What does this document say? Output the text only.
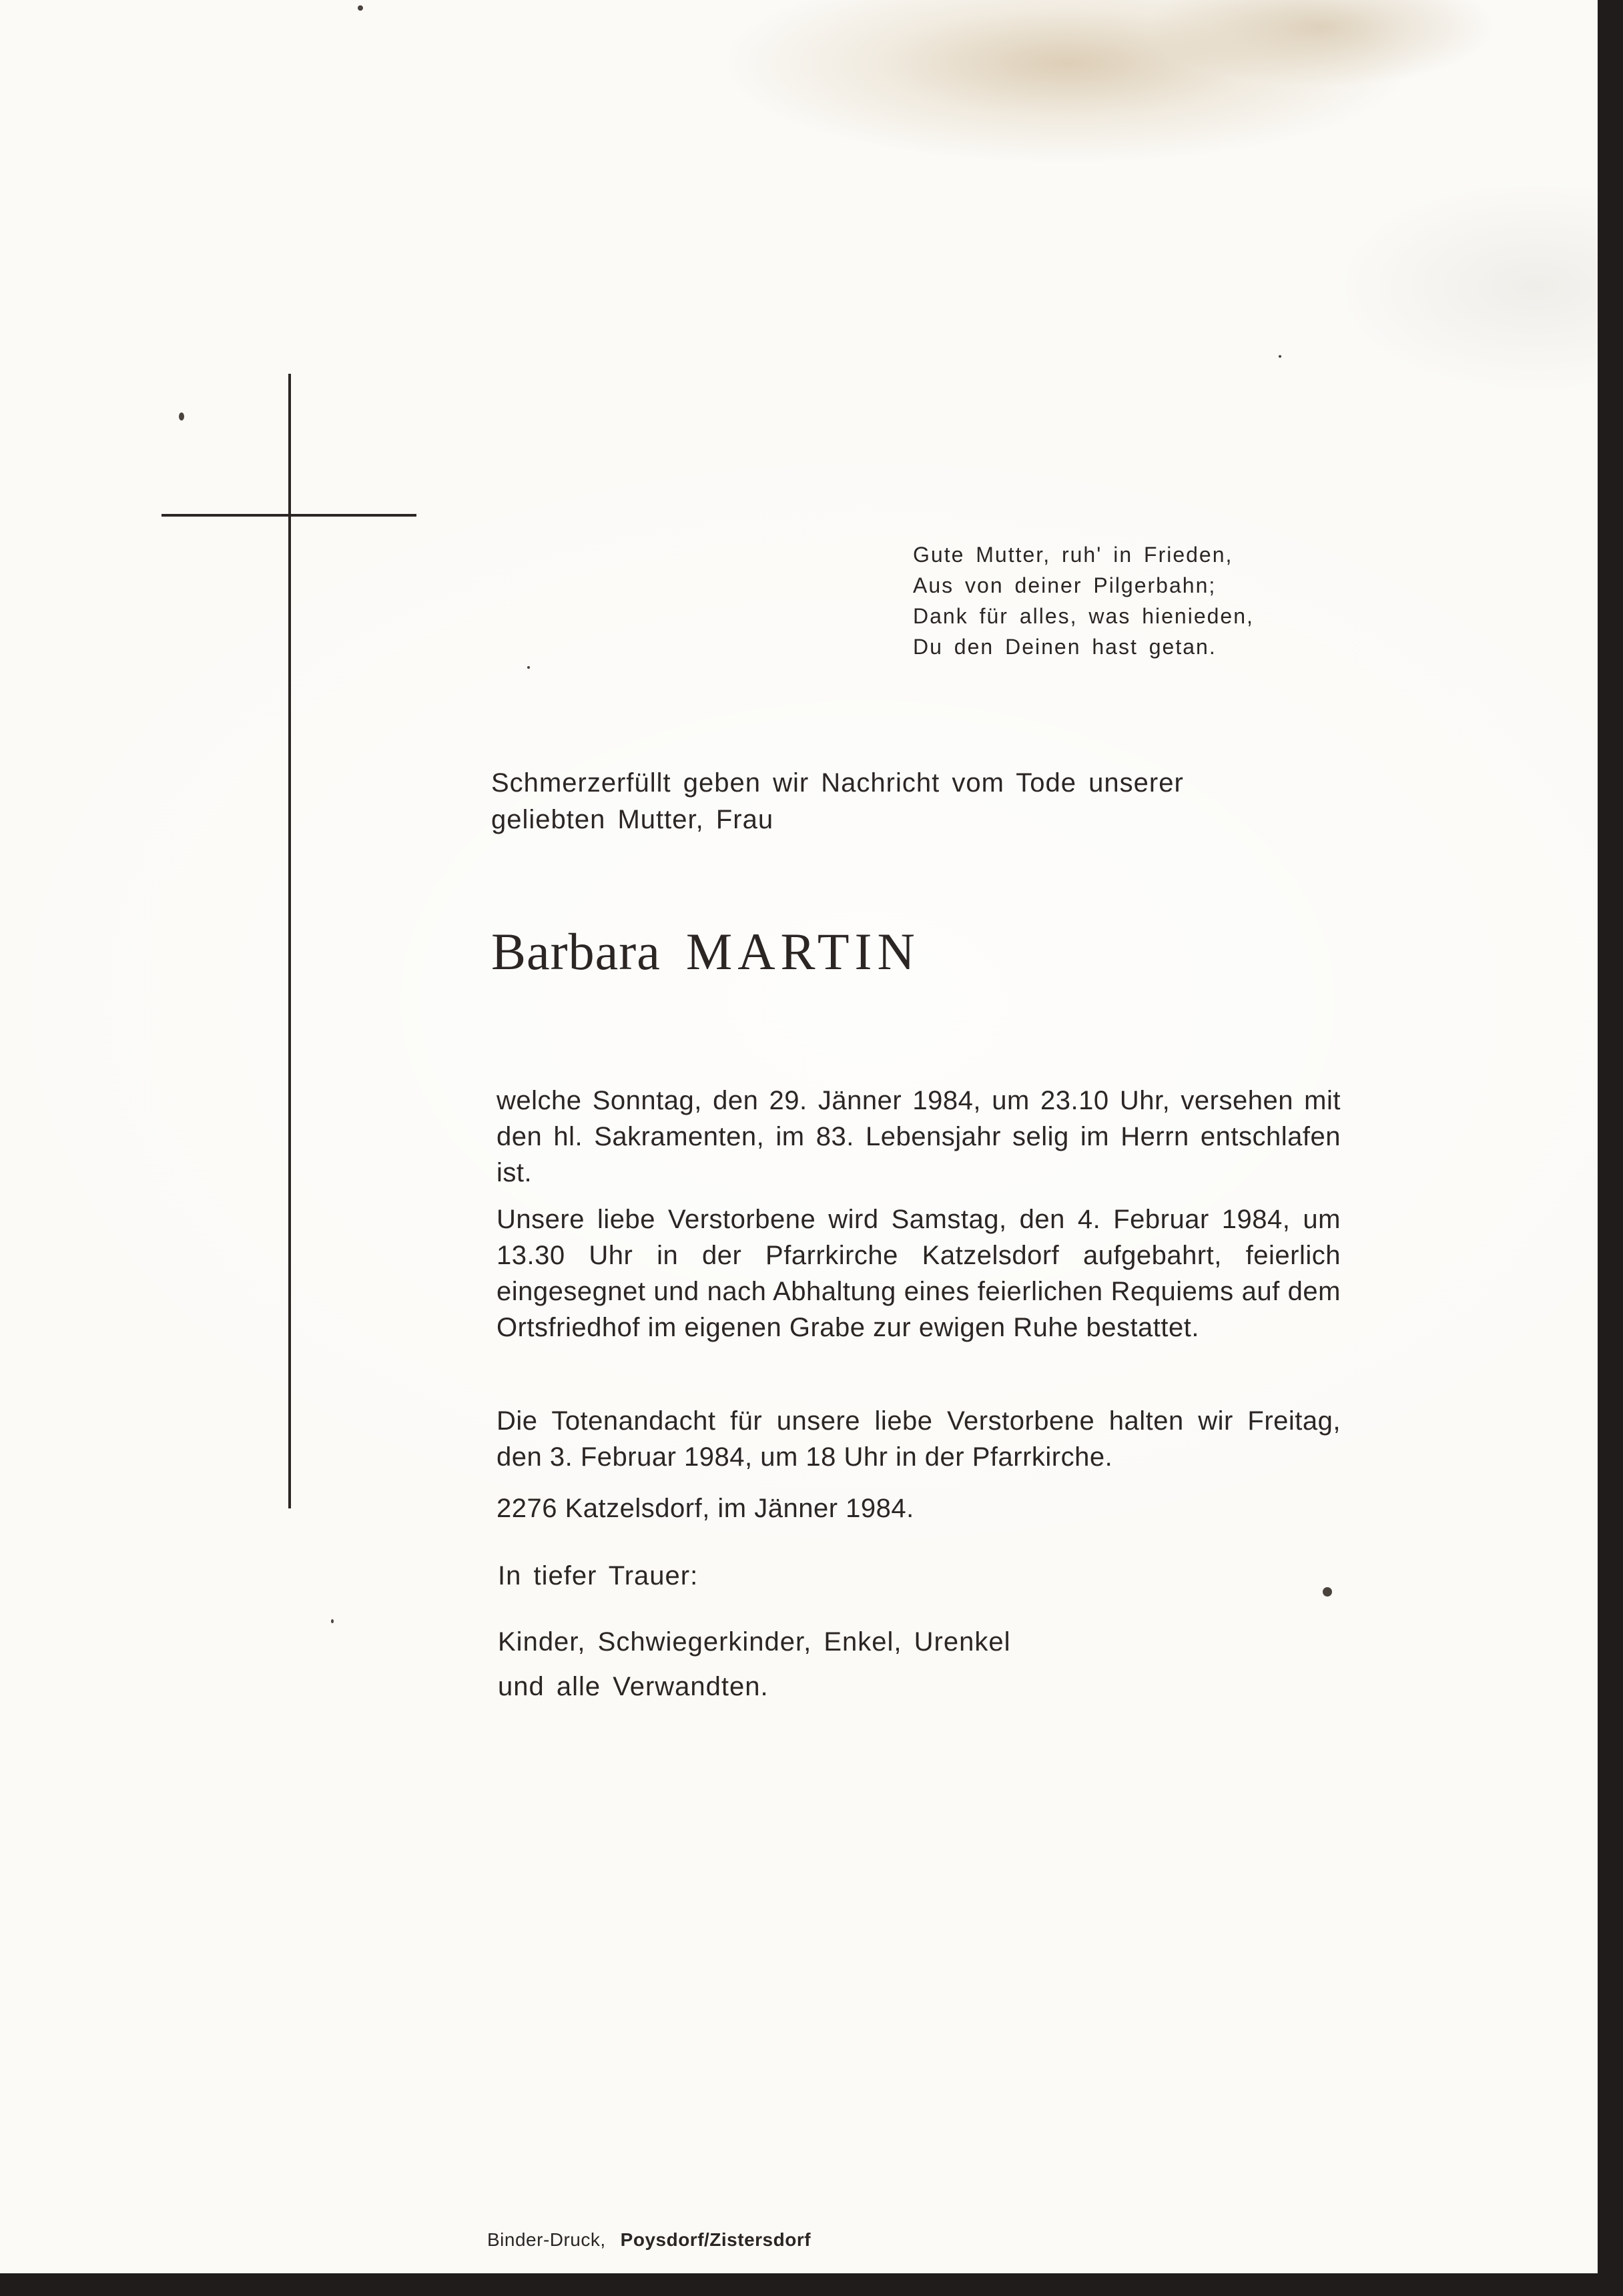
Gute Mutter, ruh' in Frieden,
Aus von deiner Pilgerbahn;
Dank für alles, was hienieden,
Du den Deinen hast getan.
Schmerzerfüllt geben wir Nachricht vom Tode unserer
geliebten Mutter, Frau
Barbara MARTIN
welche Sonntag, den 29. Jänner 1984, um 23.10 Uhr, versehen mit den hl. Sakramenten, im 83. Lebensjahr selig im Herrn entschlafen ist.
Unsere liebe Verstorbene wird Samstag, den 4. Februar 1984, um 13.30 Uhr in der Pfarrkirche Katzelsdorf aufgebahrt, feierlich eingesegnet und nach Abhaltung eines feierlichen Requiems auf dem Ortsfriedhof im eigenen Grabe zur ewigen Ruhe bestattet.
Die Totenandacht für unsere liebe Verstorbene halten wir Freitag, den 3. Februar 1984, um 18 Uhr in der Pfarrkirche.
2276 Katzelsdorf, im Jänner 1984.
In tiefer Trauer:
Kinder, Schwiegerkinder, Enkel, Urenkel
und alle Verwandten.
Binder-Druck, Poysdorf/Zistersdorf
